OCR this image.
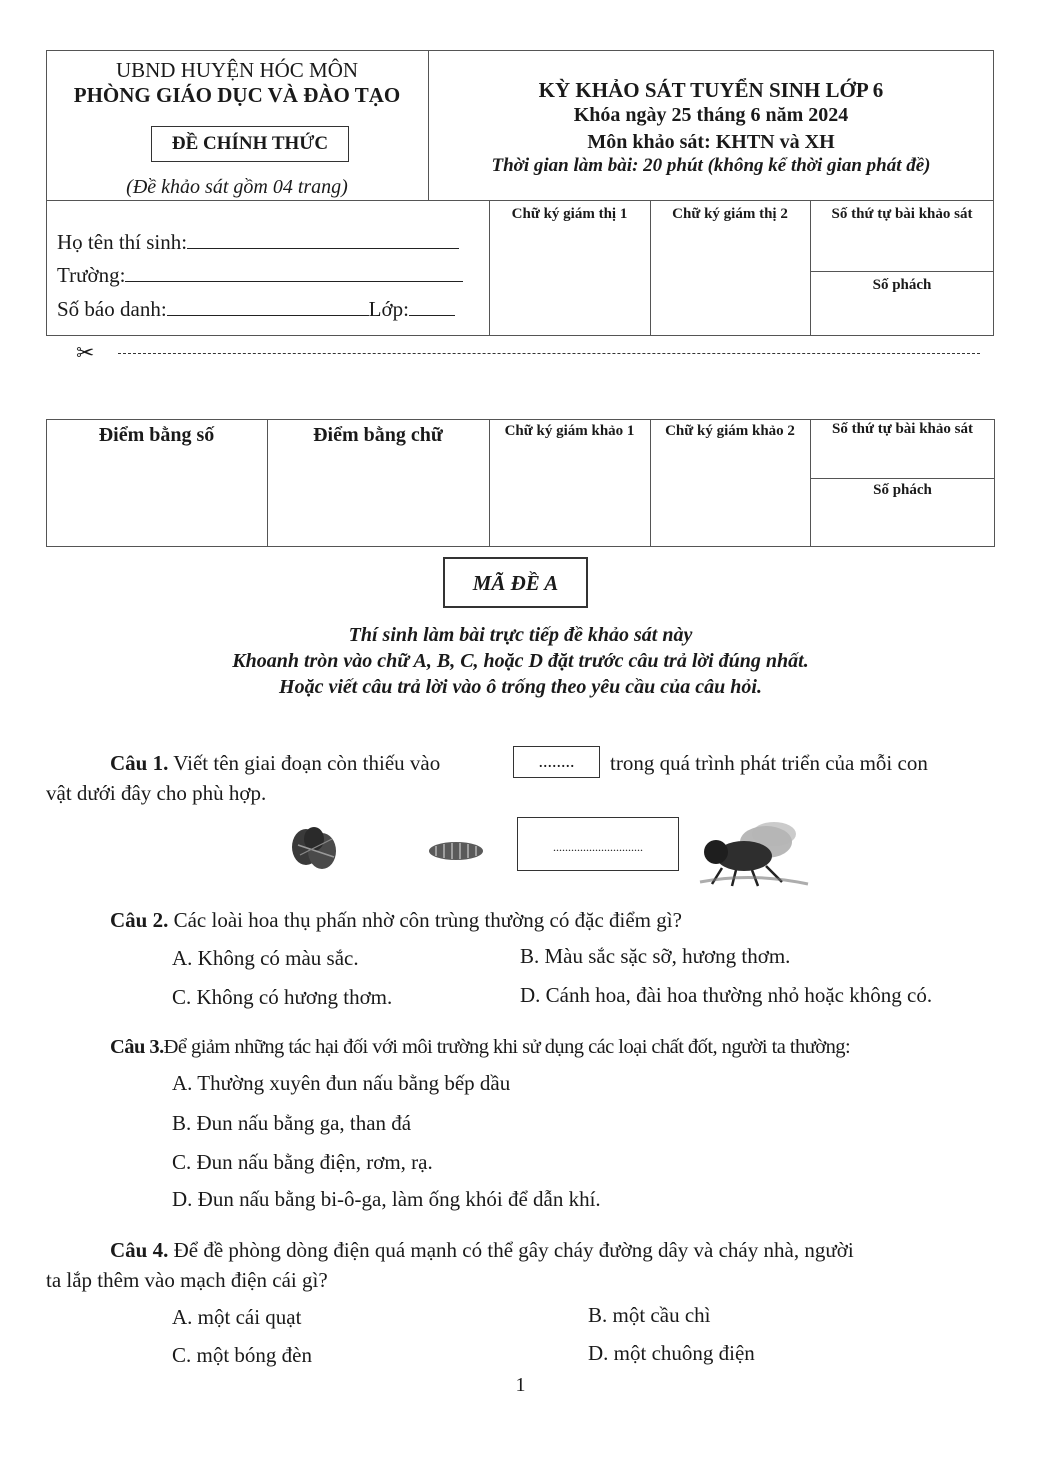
UBND HUYỆN HÓC MÔN
PHÒNG GIÁO DỤC VÀ ĐÀO TẠO
ĐỀ CHÍNH THỨC
(Đề khảo sát gồm 04 trang)
KỲ KHẢO SÁT TUYỂN SINH LỚP 6
Khóa ngày 25 tháng 6 năm 2024
Môn khảo sát: KHTN và XH
Thời gian làm bài: 20 phút (không kể thời gian phát đề)
Họ tên thí sinh:
Trường:
Số báo danh:	Lớp:
Chữ ký giám thị 1	Chữ ký giám thị 2	Số thứ tự bài khảo sát
Số phách
✂
Điểm bằng số	Điểm bằng chữ	Chữ ký giám khảo 1	Chữ ký giám khảo 2	Số thứ tự bài khảo sát
Số phách
MÃ ĐỀ A
Thí sinh làm bài trực tiếp đề khảo sát này
Khoanh tròn vào chữ A, B, C, hoặc D đặt trước câu trả lời đúng nhất.
Hoặc viết câu trả lời vào ô trống theo yêu cầu của câu hỏi.
Câu 1. Viết tên giai đoạn còn thiếu vào	........	trong quá trình phát triển của mỗi con
vật dưới đây cho phù hợp.
..............................
Câu 2. Các loài hoa thụ phấn nhờ côn trùng thường có đặc điểm gì?
A. Không có màu sắc.	B. Màu sắc sặc sỡ, hương thơm.
C. Không có hương thơm.	D. Cánh hoa, đài hoa thường nhỏ hoặc không có.
Câu 3.Để giảm những tác hại đối với môi trường khi sử dụng các loại chất đốt, người ta thường:
A. Thường xuyên đun nấu bằng bếp dầu
B. Đun nấu bằng ga, than đá
C. Đun nấu bằng điện, rơm, rạ.
D. Đun nấu bằng bi-ô-ga, làm ống khói để dẫn khí.
Câu 4. Để đề phòng dòng điện quá mạnh có thể gây cháy đường dây và cháy nhà, người
ta lắp thêm vào mạch điện cái gì?
A. một cái quạt	B. một cầu chì
C. một bóng đèn	D. một chuông điện
1
